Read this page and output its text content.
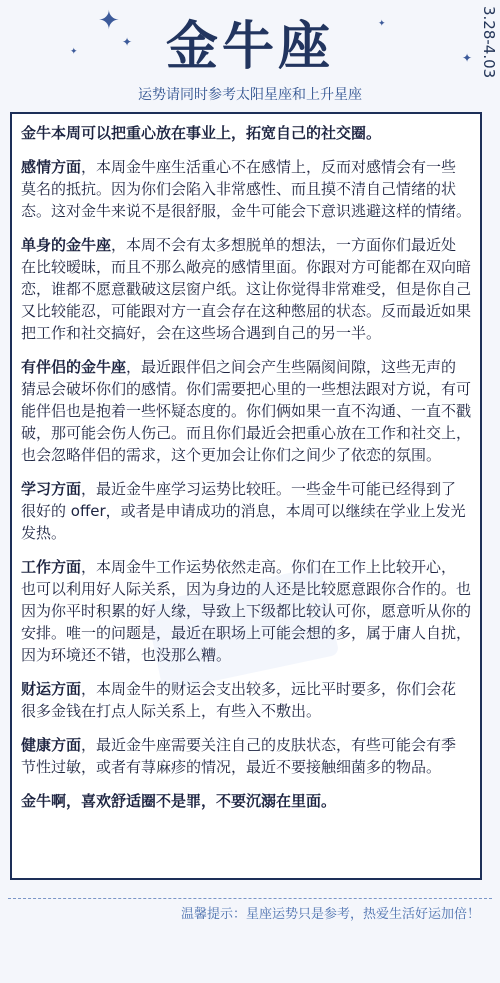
✦
✦
✦	✦
✦
金牛座	3.28-4.03
运势请同时参考太阳星座和上升星座

金牛本周可以把重心放在事业上，拓宽自己的社交圈。

感情方面，本周金牛座生活重心不在感情上，反而对感情会有一些莫名的抵抗。因为你们会陷入非常感性、而且摸不清自己情绪的状态。这对金牛来说不是很舒服，金牛可能会下意识逃避这样的情绪。

单身的金牛座，本周不会有太多想脱单的想法，一方面你们最近处在比较暧昧，而且不那么敞亮的感情里面。你跟对方可能都在双向暗恋，谁都不愿意戳破这层窗户纸。这让你觉得非常难受，但是你自己又比较能忍，可能跟对方一直会存在这种憋屈的状态。反而最近如果把工作和社交搞好，会在这些场合遇到自己的另一半。

有伴侣的金牛座，最近跟伴侣之间会产生些隔阂间隙，这些无声的猜忌会破坏你们的感情。你们需要把心里的一些想法跟对方说，有可能伴侣也是抱着一些怀疑态度的。你们俩如果一直不沟通、一直不戳破，那可能会伤人伤己。而且你们最近会把重心放在工作和社交上，也会忽略伴侣的需求，这个更加会让你们之间少了依恋的氛围。

学习方面，最近金牛座学习运势比较旺。一些金牛可能已经得到了很好的 offer，或者是申请成功的消息，本周可以继续在学业上发光发热。

工作方面，本周金牛工作运势依然走高。你们在工作上比较开心，也可以利用好人际关系，因为身边的人还是比较愿意跟你合作的。也因为你平时积累的好人缘，导致上下级都比较认可你，愿意听从你的安排。唯一的问题是，最近在职场上可能会想的多，属于庸人自扰，因为环境还不错，也没那么糟。

财运方面，本周金牛的财运会支出较多，远比平时要多，你们会花很多金钱在打点人际关系上，有些入不敷出。

健康方面，最近金牛座需要关注自己的皮肤状态，有些可能会有季节性过敏，或者有荨麻疹的情况，最近不要接触细菌多的物品。

金牛啊，喜欢舒适圈不是罪，不要沉溺在里面。

温馨提示：星座运势只是参考，热爱生活好运加倍！
